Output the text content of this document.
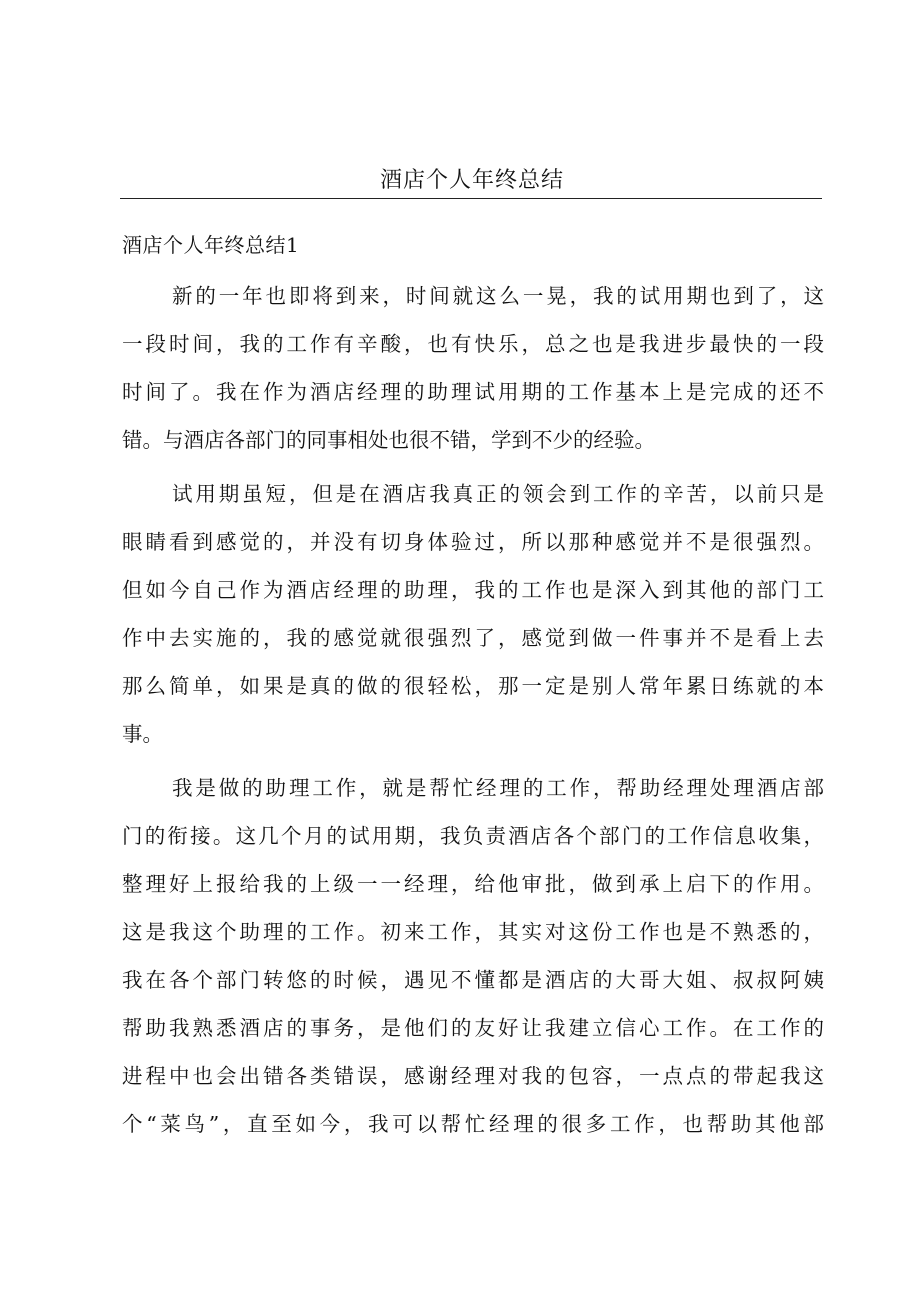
酒店个人年终总结
酒店个人年终总结1
新的一年也即将到来，时间就这么一晃，我的试用期也到了，这
一段时间，我的工作有辛酸，也有快乐，总之也是我进步最快的一段
时间了。我在作为酒店经理的助理试用期的工作基本上是完成的还不
错。与酒店各部门的同事相处也很不错，学到不少的经验。
试用期虽短，但是在酒店我真正的领会到工作的辛苦，以前只是
眼睛看到感觉的，并没有切身体验过，所以那种感觉并不是很强烈。
但如今自己作为酒店经理的助理，我的工作也是深入到其他的部门工
作中去实施的，我的感觉就很强烈了，感觉到做一件事并不是看上去
那么简单，如果是真的做的很轻松，那一定是别人常年累日练就的本
事。
我是做的助理工作，就是帮忙经理的工作，帮助经理处理酒店部
门的衔接。这几个月的试用期，我负责酒店各个部门的工作信息收集，
整理好上报给我的上级一一经理，给他审批，做到承上启下的作用。
这是我这个助理的工作。初来工作，其实对这份工作也是不熟悉的，
我在各个部门转悠的时候，遇见不懂都是酒店的大哥大姐、叔叔阿姨
帮助我熟悉酒店的事务，是他们的友好让我建立信心工作。在工作的
进程中也会出错各类错误，感谢经理对我的包容，一点点的带起我这
个“菜鸟”，直至如今，我可以帮忙经理的很多工作，也帮助其他部
